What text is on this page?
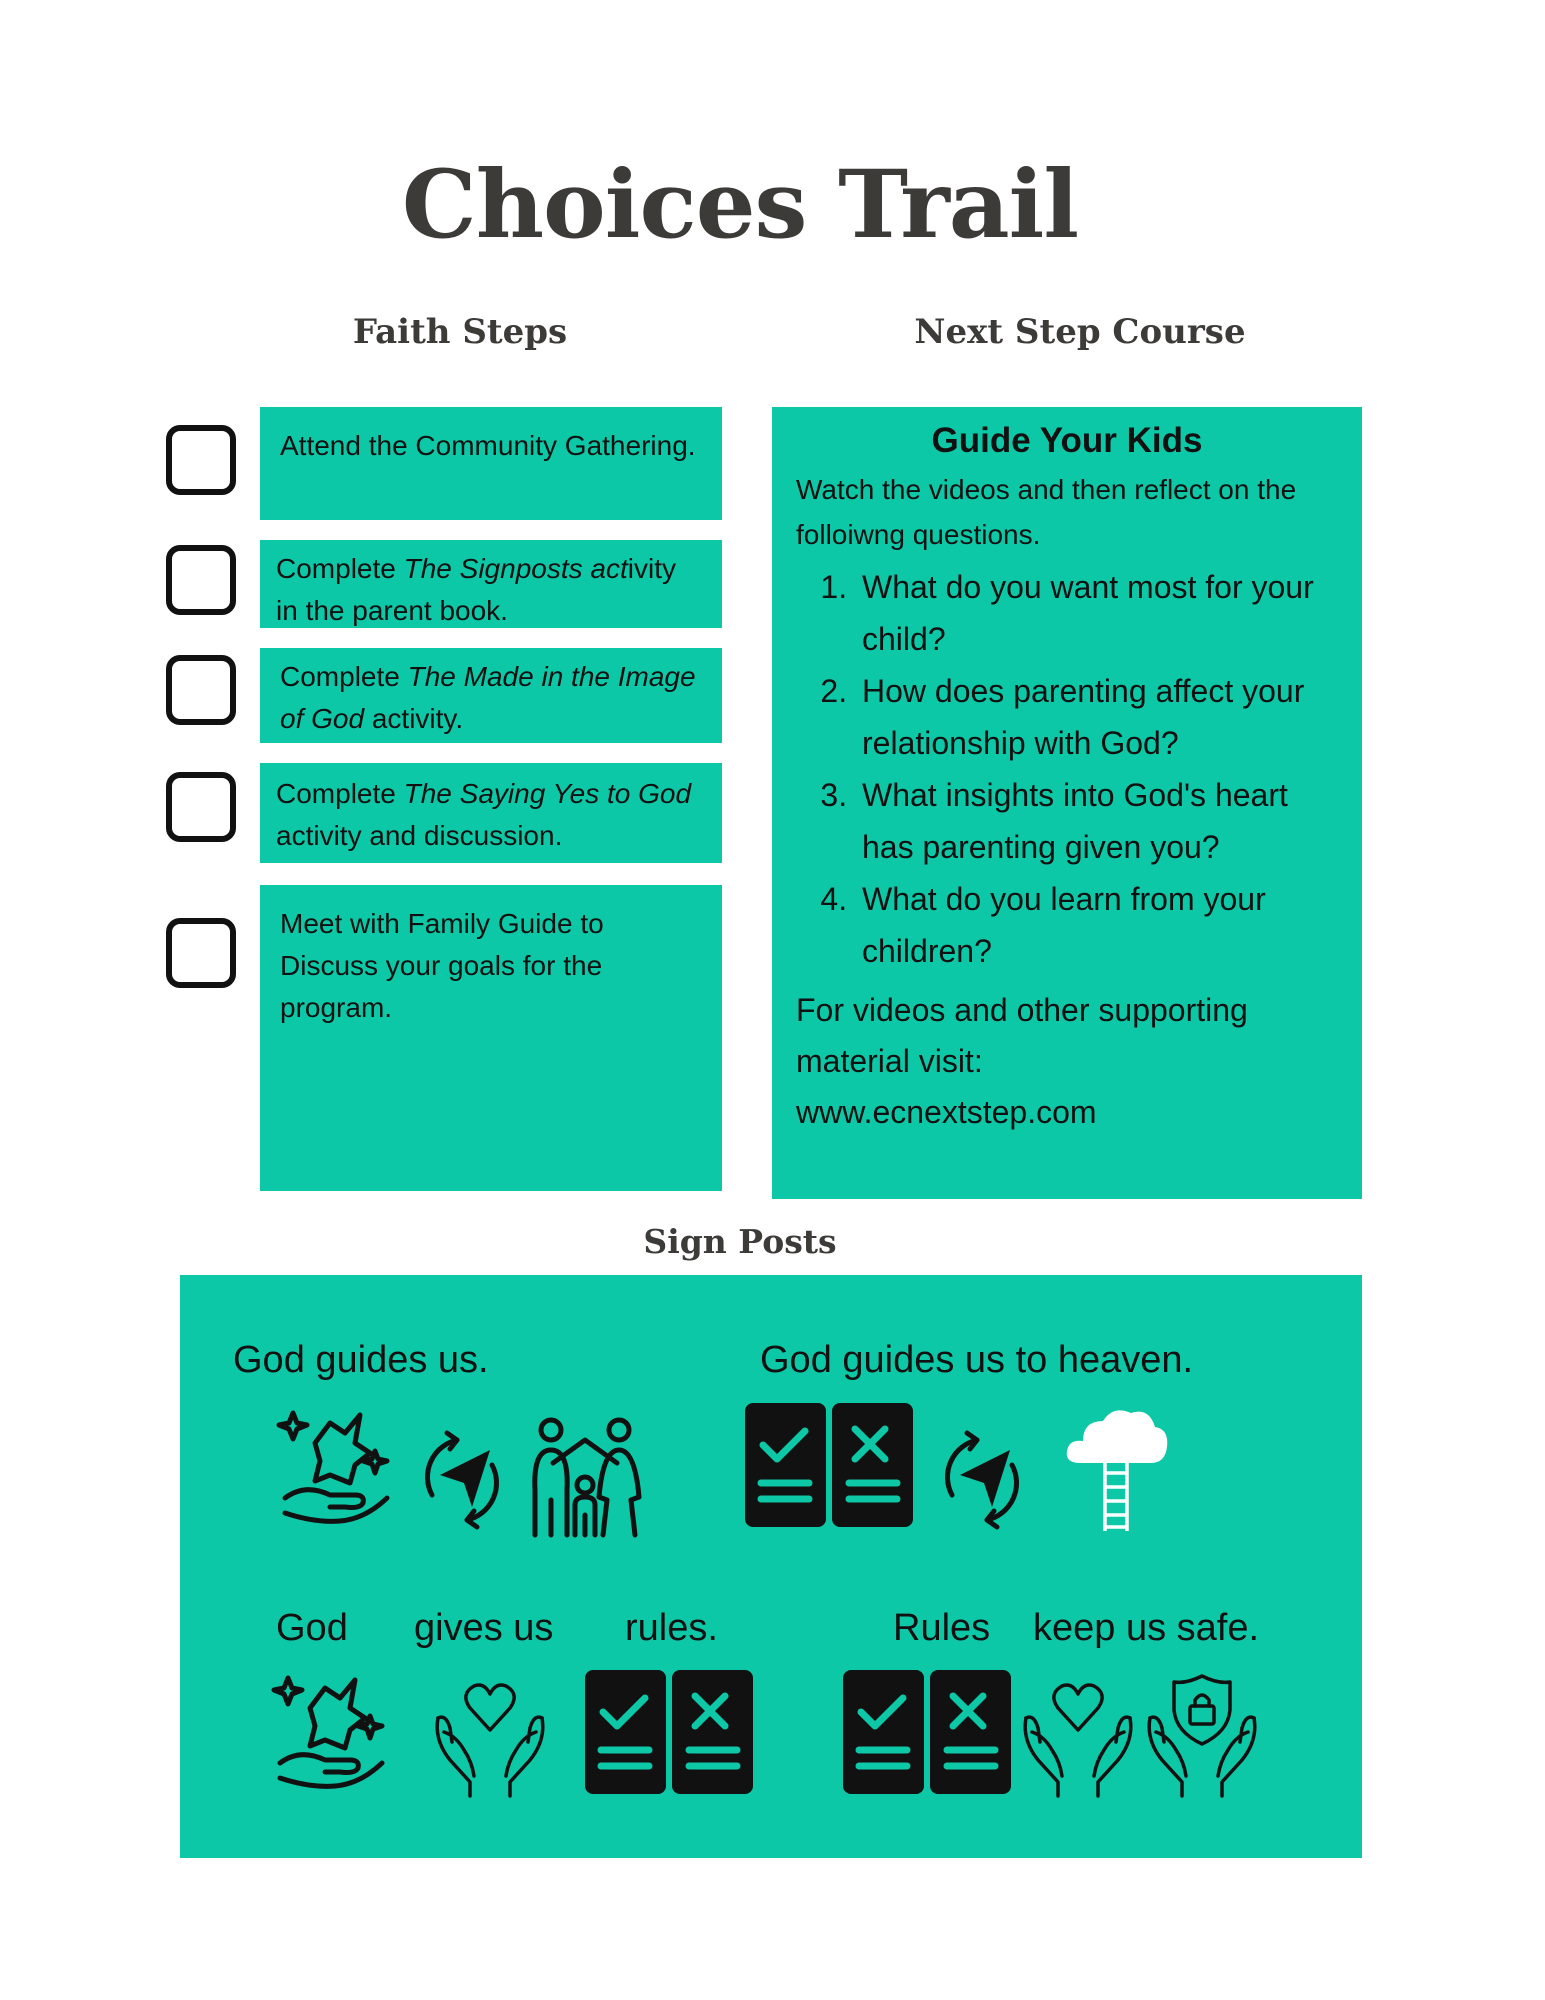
Choices Trail
Faith Steps	Next Step Course
Attend the Community Gathering.
Complete The Signposts activity in the parent book.
Complete The Made in the Image of God activity.
Complete The Saying Yes to God activity and discussion.
Meet with Family Guide to Discuss your goals for the program.
Guide Your Kids

Watch the videos and then reflect on the folloiwng questions.

1. What do you want most for your child?
2. How does parenting affect your relationship with God?
3. What insights into God's heart has parenting given you?
4. What do you learn from your children?
For videos and other supporting material visit:
www.ecnextstep.com
Sign Posts
God guides us.	God guides us to heaven.
God gives us rules.	Rules keep us safe.
